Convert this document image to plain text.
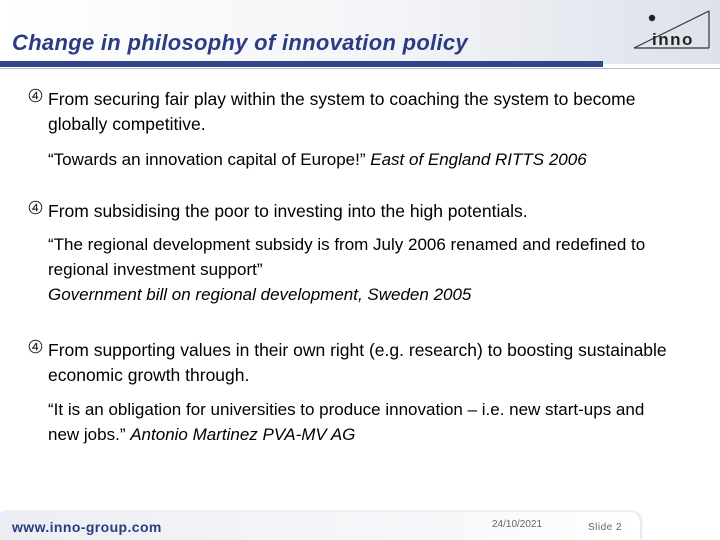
Change in philosophy of innovation policy	inno
From securing fair play within the system to coaching the system to become globally competitive.
“Towards an innovation capital of Europe!” East of England RITTS 2006
From subsidising the poor to investing into the high potentials.
“The regional development subsidy is from July 2006 renamed and redefined to regional investment support”
Government bill on regional development, Sweden 2005
From supporting values in their own right (e.g. research) to boosting sustainable economic growth through.
“It is an obligation for universities to produce innovation – i.e. new start-ups and new jobs.” Antonio Martinez PVA-MV AG
www.inno-group.com	24/10/2021	Slide 2
